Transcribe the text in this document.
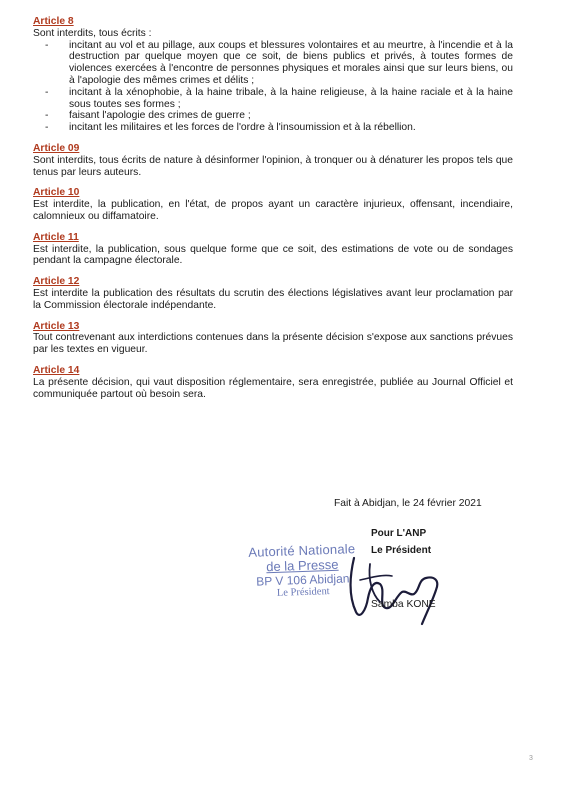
Article 8
Sont interdits, tous écrits :
- incitant au vol et au pillage, aux coups et blessures volontaires et au meurtre, à l'incendie et à la destruction par quelque moyen que ce soit, de biens publics et privés, à toutes formes de violences exercées à l'encontre de personnes physiques et morales ainsi que sur leurs biens, ou à l'apologie des mêmes crimes et délits ;
- incitant à la xénophobie, à la haine tribale, à la haine religieuse, à la haine raciale et à la haine sous toutes ses formes ;
- faisant l'apologie des crimes de guerre ;
- incitant les militaires et les forces de l'ordre à l'insoumission et à la rébellion.
Article 09
Sont interdits, tous écrits de nature à désinformer l'opinion, à tronquer ou à dénaturer les propos tels que tenus par leurs auteurs.
Article 10
Est interdite, la publication, en l'état, de propos ayant un caractère injurieux, offensant, incendiaire, calomnieux ou diffamatoire.
Article 11
Est interdite, la publication, sous quelque forme que ce soit, des estimations de vote ou de sondages pendant la campagne électorale.
Article 12
Est interdite la publication des résultats du scrutin des élections législatives avant leur proclamation par la Commission électorale indépendante.
Article 13
Tout contrevenant aux interdictions contenues dans la présente décision s'expose aux sanctions prévues par les textes en vigueur.
Article 14
La présente décision, qui vaut disposition réglementaire, sera enregistrée, publiée au Journal Officiel et communiquée partout où besoin sera.
Fait à Abidjan, le 24 février 2021
Pour L'ANP
Autorité Nationale
de la Presse
BP V 106 Abidjan
Le Président
Le Président
Samba KONE
3
